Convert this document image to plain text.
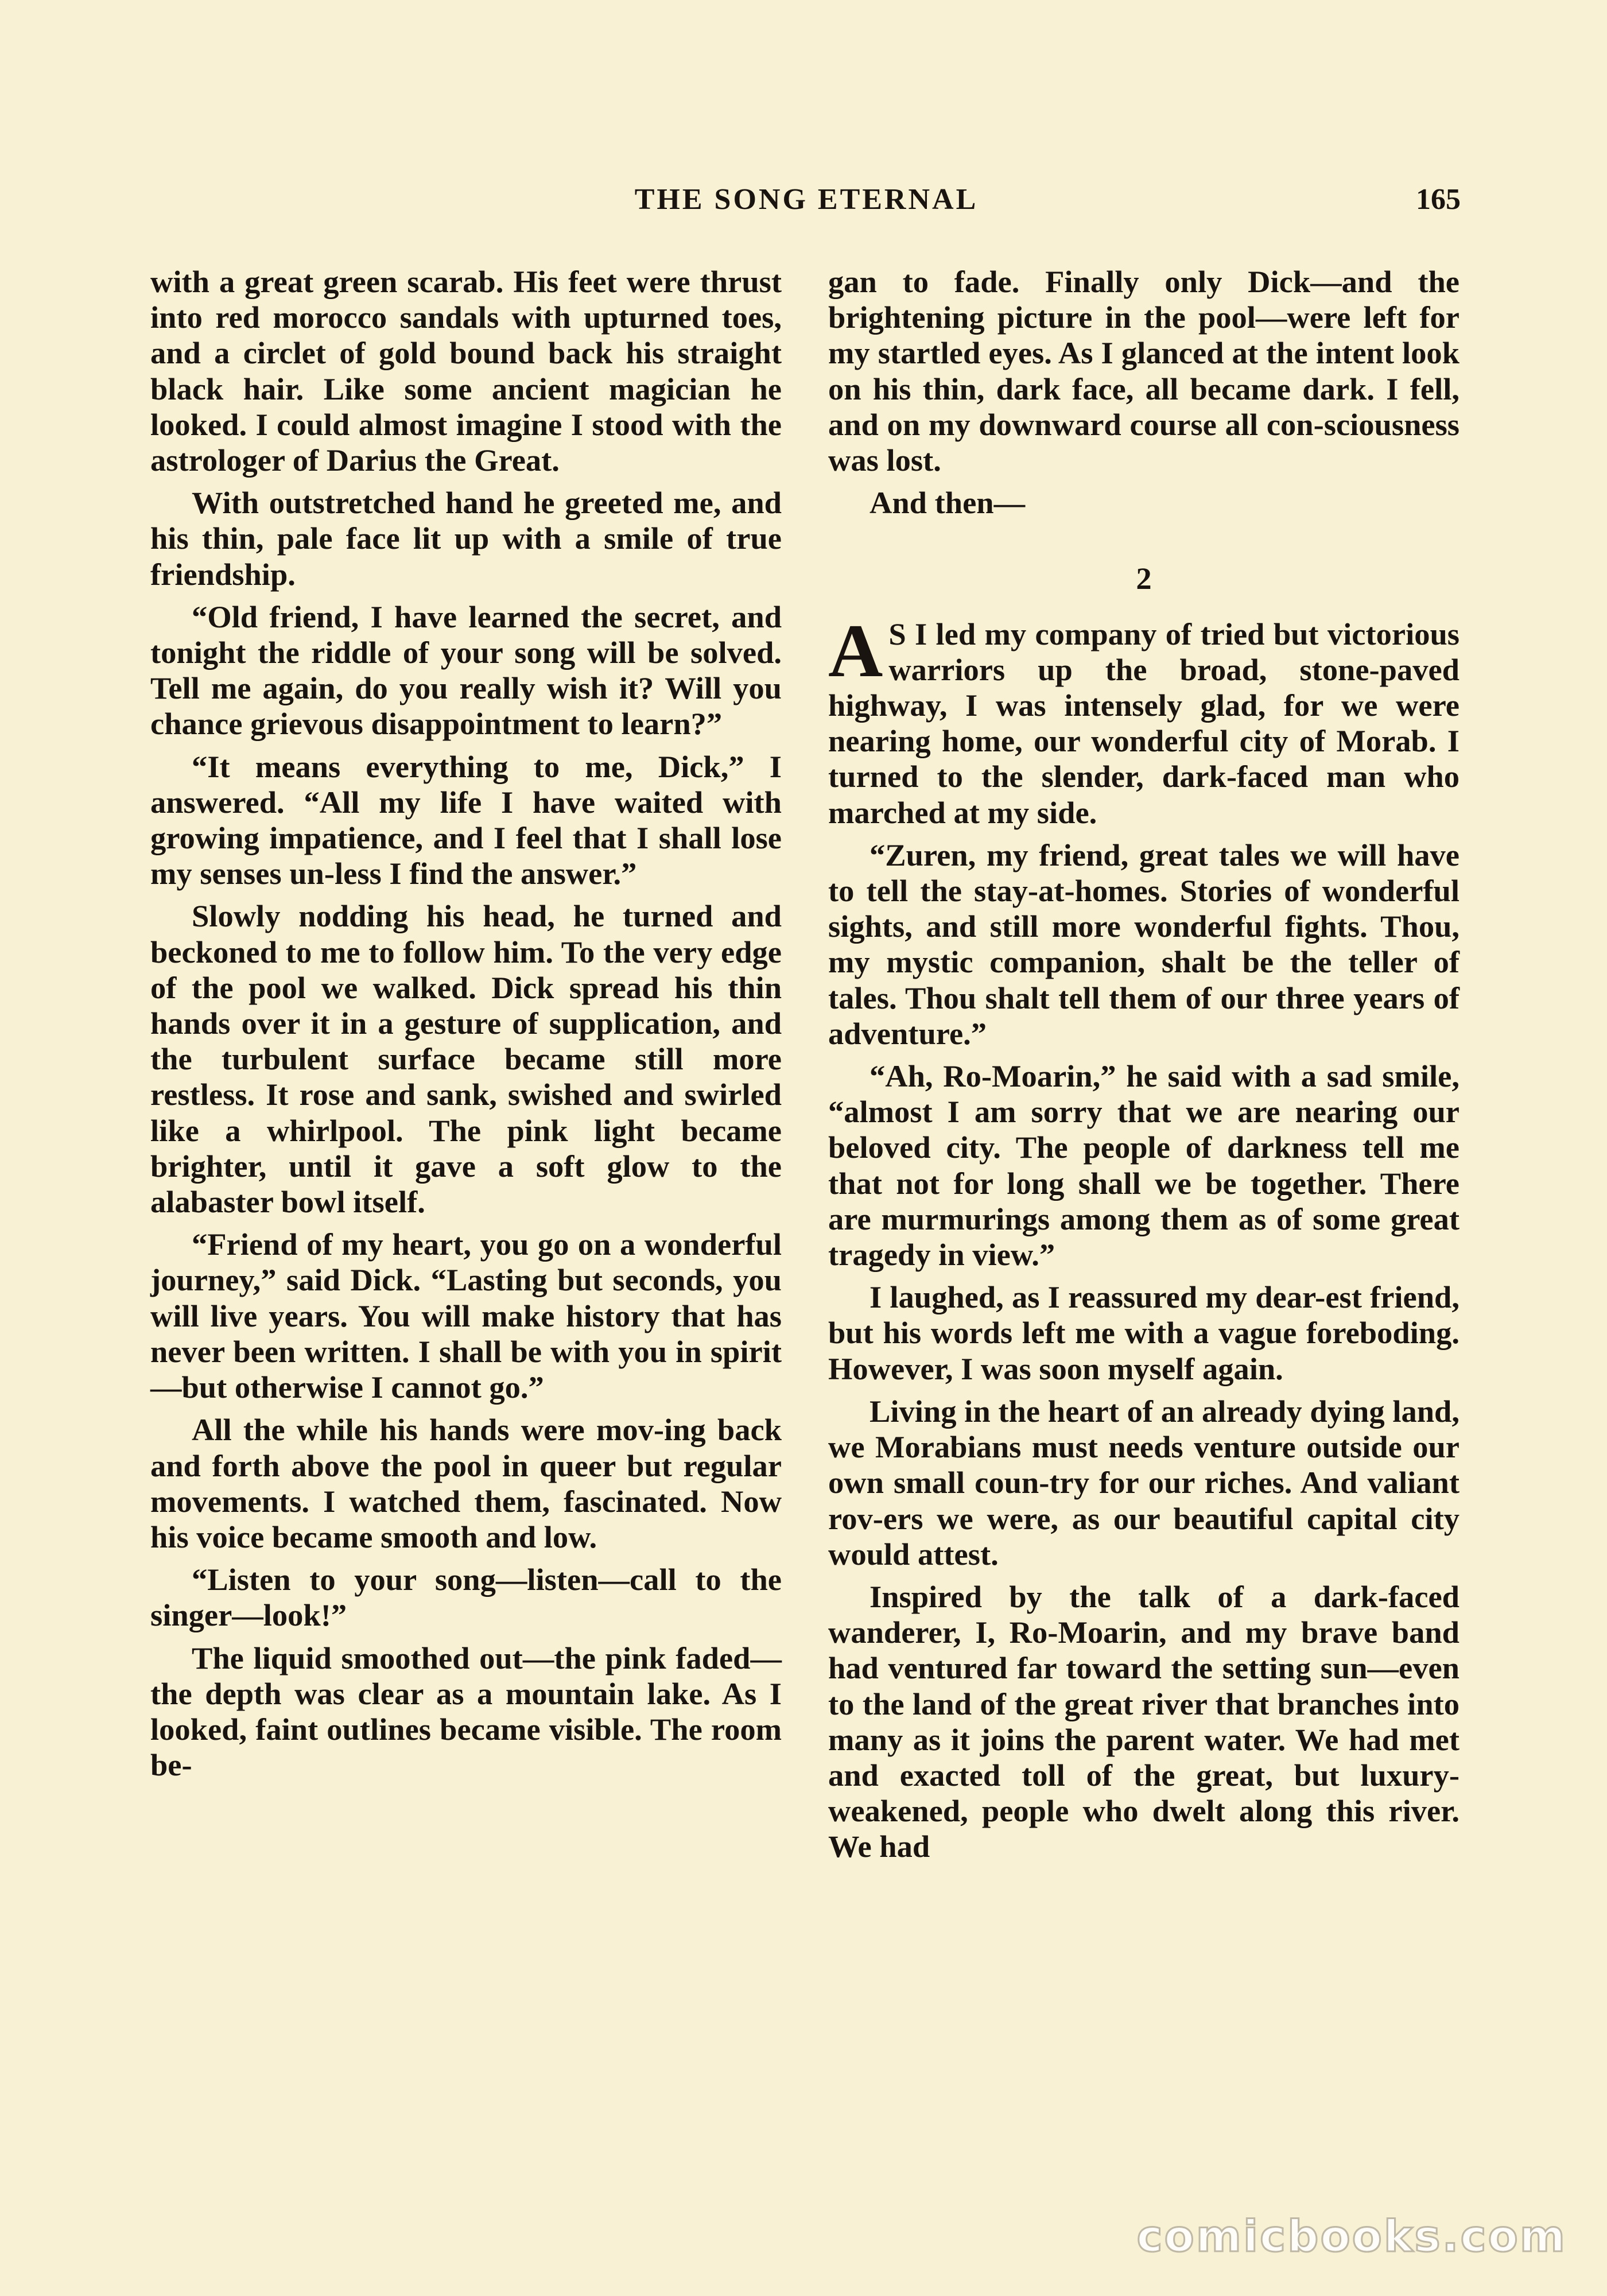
THE SONG ETERNAL	165

with a great green scarab. His feet were thrust into red morocco sandals with upturned toes, and a circlet of gold bound back his straight black hair. Like some ancient magician he looked. I could almost imagine I stood with the astrologer of Darius the Great.

With outstretched hand he greeted me, and his thin, pale face lit up with a smile of true friendship.

“Old friend, I have learned the secret, and tonight the riddle of your song will be solved. Tell me again, do you really wish it? Will you chance grievous disappointment to learn?”

“It means everything to me, Dick,” I answered. “All my life I have waited with growing impatience, and I feel that I shall lose my senses un-less I find the answer.”

Slowly nodding his head, he turned and beckoned to me to follow him. To the very edge of the pool we walked. Dick spread his thin hands over it in a gesture of supplication, and the turbulent surface became still more restless. It rose and sank, swished and swirled like a whirlpool. The pink light became brighter, until it gave a soft glow to the alabaster bowl itself.

“Friend of my heart, you go on a wonderful journey,” said Dick. “Lasting but seconds, you will live years. You will make history that has never been written. I shall be with you in spirit—but otherwise I cannot go.”

All the while his hands were mov-ing back and forth above the pool in queer but regular movements. I watched them, fascinated. Now his voice became smooth and low.

“Listen to your song—listen—call to the singer—look!”

The liquid smoothed out—the pink faded—the depth was clear as a mountain lake. As I looked, faint outlines became visible. The room be-

gan to fade. Finally only Dick—and the brightening picture in the pool—were left for my startled eyes. As I glanced at the intent look on his thin, dark face, all became dark. I fell, and on my downward course all con-sciousness was lost.

And then—

2

A S I led my company of tried but victorious warriors up the broad, stone-paved highway, I was intensely glad, for we were nearing home, our wonderful city of Morab. I turned to the slender, dark-faced man who marched at my side.

“Zuren, my friend, great tales we will have to tell the stay-at-homes. Stories of wonderful sights, and still more wonderful fights. Thou, my mystic companion, shalt be the teller of tales. Thou shalt tell them of our three years of adventure.”

“Ah, Ro-Moarin,” he said with a sad smile, “almost I am sorry that we are nearing our beloved city. The people of darkness tell me that not for long shall we be together. There are murmurings among them as of some great tragedy in view.”

I laughed, as I reassured my dear-est friend, but his words left me with a vague foreboding. However, I was soon myself again.

Living in the heart of an already dying land, we Morabians must needs venture outside our own small coun-try for our riches. And valiant rov-ers we were, as our beautiful capital city would attest.

Inspired by the talk of a dark-faced wanderer, I, Ro-Moarin, and my brave band had ventured far toward the setting sun—even to the land of the great river that branches into many as it joins the parent water. We had met and exacted toll of the great, but luxury-weakened, people who dwelt along this river. We had

comicbooks.com
